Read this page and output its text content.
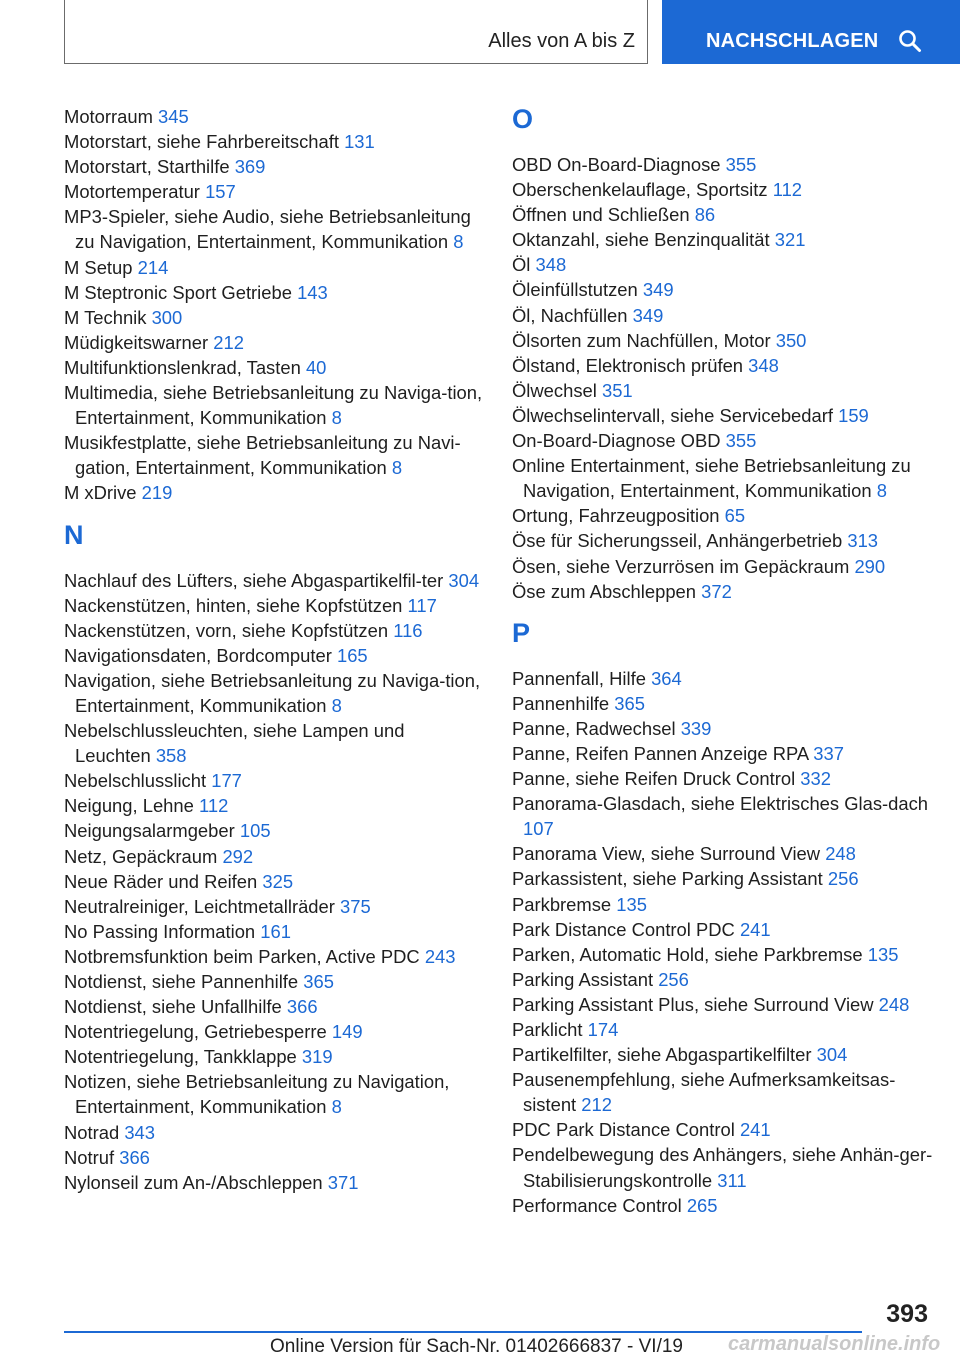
Alles von A bis Z	NACHSCHLAGEN
Motorraum 345
Motorstart, siehe Fahrbereitschaft 131
Motorstart, Starthilfe 369
Motortemperatur 157
MP3-Spieler, siehe Audio, siehe Betriebsanleitung zu Navigation, Entertainment, Kommunikation 8
M Setup 214
M Steptronic Sport Getriebe 143
M Technik 300
Müdigkeitswarner 212
Multifunktionslenkrad, Tasten 40
Multimedia, siehe Betriebsanleitung zu Naviga-tion, Entertainment, Kommunikation 8
Musikfestplatte, siehe Betriebsanleitung zu Navi-gation, Entertainment, Kommunikation 8
M xDrive 219
N
Nachlauf des Lüfters, siehe Abgaspartikelfil-ter 304
Nackenstützen, hinten, siehe Kopfstützen 117
Nackenstützen, vorn, siehe Kopfstützen 116
Navigationsdaten, Bordcomputer 165
Navigation, siehe Betriebsanleitung zu Naviga-tion, Entertainment, Kommunikation 8
Nebelschlussleuchten, siehe Lampen und Leuchten 358
Nebelschlusslicht 177
Neigung, Lehne 112
Neigungsalarmgeber 105
Netz, Gepäckraum 292
Neue Räder und Reifen 325
Neutralreiniger, Leichtmetallräder 375
No Passing Information 161
Notbremsfunktion beim Parken, Active PDC 243
Notdienst, siehe Pannenhilfe 365
Notdienst, siehe Unfallhilfe 366
Notentriegelung, Getriebesperre 149
Notentriegelung, Tankklappe 319
Notizen, siehe Betriebsanleitung zu Navigation, Entertainment, Kommunikation 8
Notrad 343
Notruf 366
Nylonseil zum An-/Abschleppen 371
O
OBD On-Board-Diagnose 355
Oberschenkelauflage, Sportsitz 112
Öffnen und Schließen 86
Oktanzahl, siehe Benzinqualität 321
Öl 348
Öleinfüllstutzen 349
Öl, Nachfüllen 349
Ölsorten zum Nachfüllen, Motor 350
Ölstand, Elektronisch prüfen 348
Ölwechsel 351
Ölwechselintervall, siehe Servicebedarf 159
On-Board-Diagnose OBD 355
Online Entertainment, siehe Betriebsanleitung zu Navigation, Entertainment, Kommunikation 8
Ortung, Fahrzeugposition 65
Öse für Sicherungsseil, Anhängerbetrieb 313
Ösen, siehe Verzurrösen im Gepäckraum 290
Öse zum Abschleppen 372
P
Pannenfall, Hilfe 364
Pannenhilfe 365
Panne, Radwechsel 339
Panne, Reifen Pannen Anzeige RPA 337
Panne, siehe Reifen Druck Control 332
Panorama-Glasdach, siehe Elektrisches Glas-dach 107
Panorama View, siehe Surround View 248
Parkassistent, siehe Parking Assistant 256
Parkbremse 135
Park Distance Control PDC 241
Parken, Automatic Hold, siehe Parkbremse 135
Parking Assistant 256
Parking Assistant Plus, siehe Surround View 248
Parklicht 174
Partikelfilter, siehe Abgaspartikelfilter 304
Pausenempfehlung, siehe Aufmerksamkeitsas-sistent 212
PDC Park Distance Control 241
Pendelbewegung des Anhängers, siehe Anhän-ger-Stabilisierungskontrolle 311
Performance Control 265
393
Online Version für Sach-Nr. 01402666837 - VI/19 carmanualsonline.info
